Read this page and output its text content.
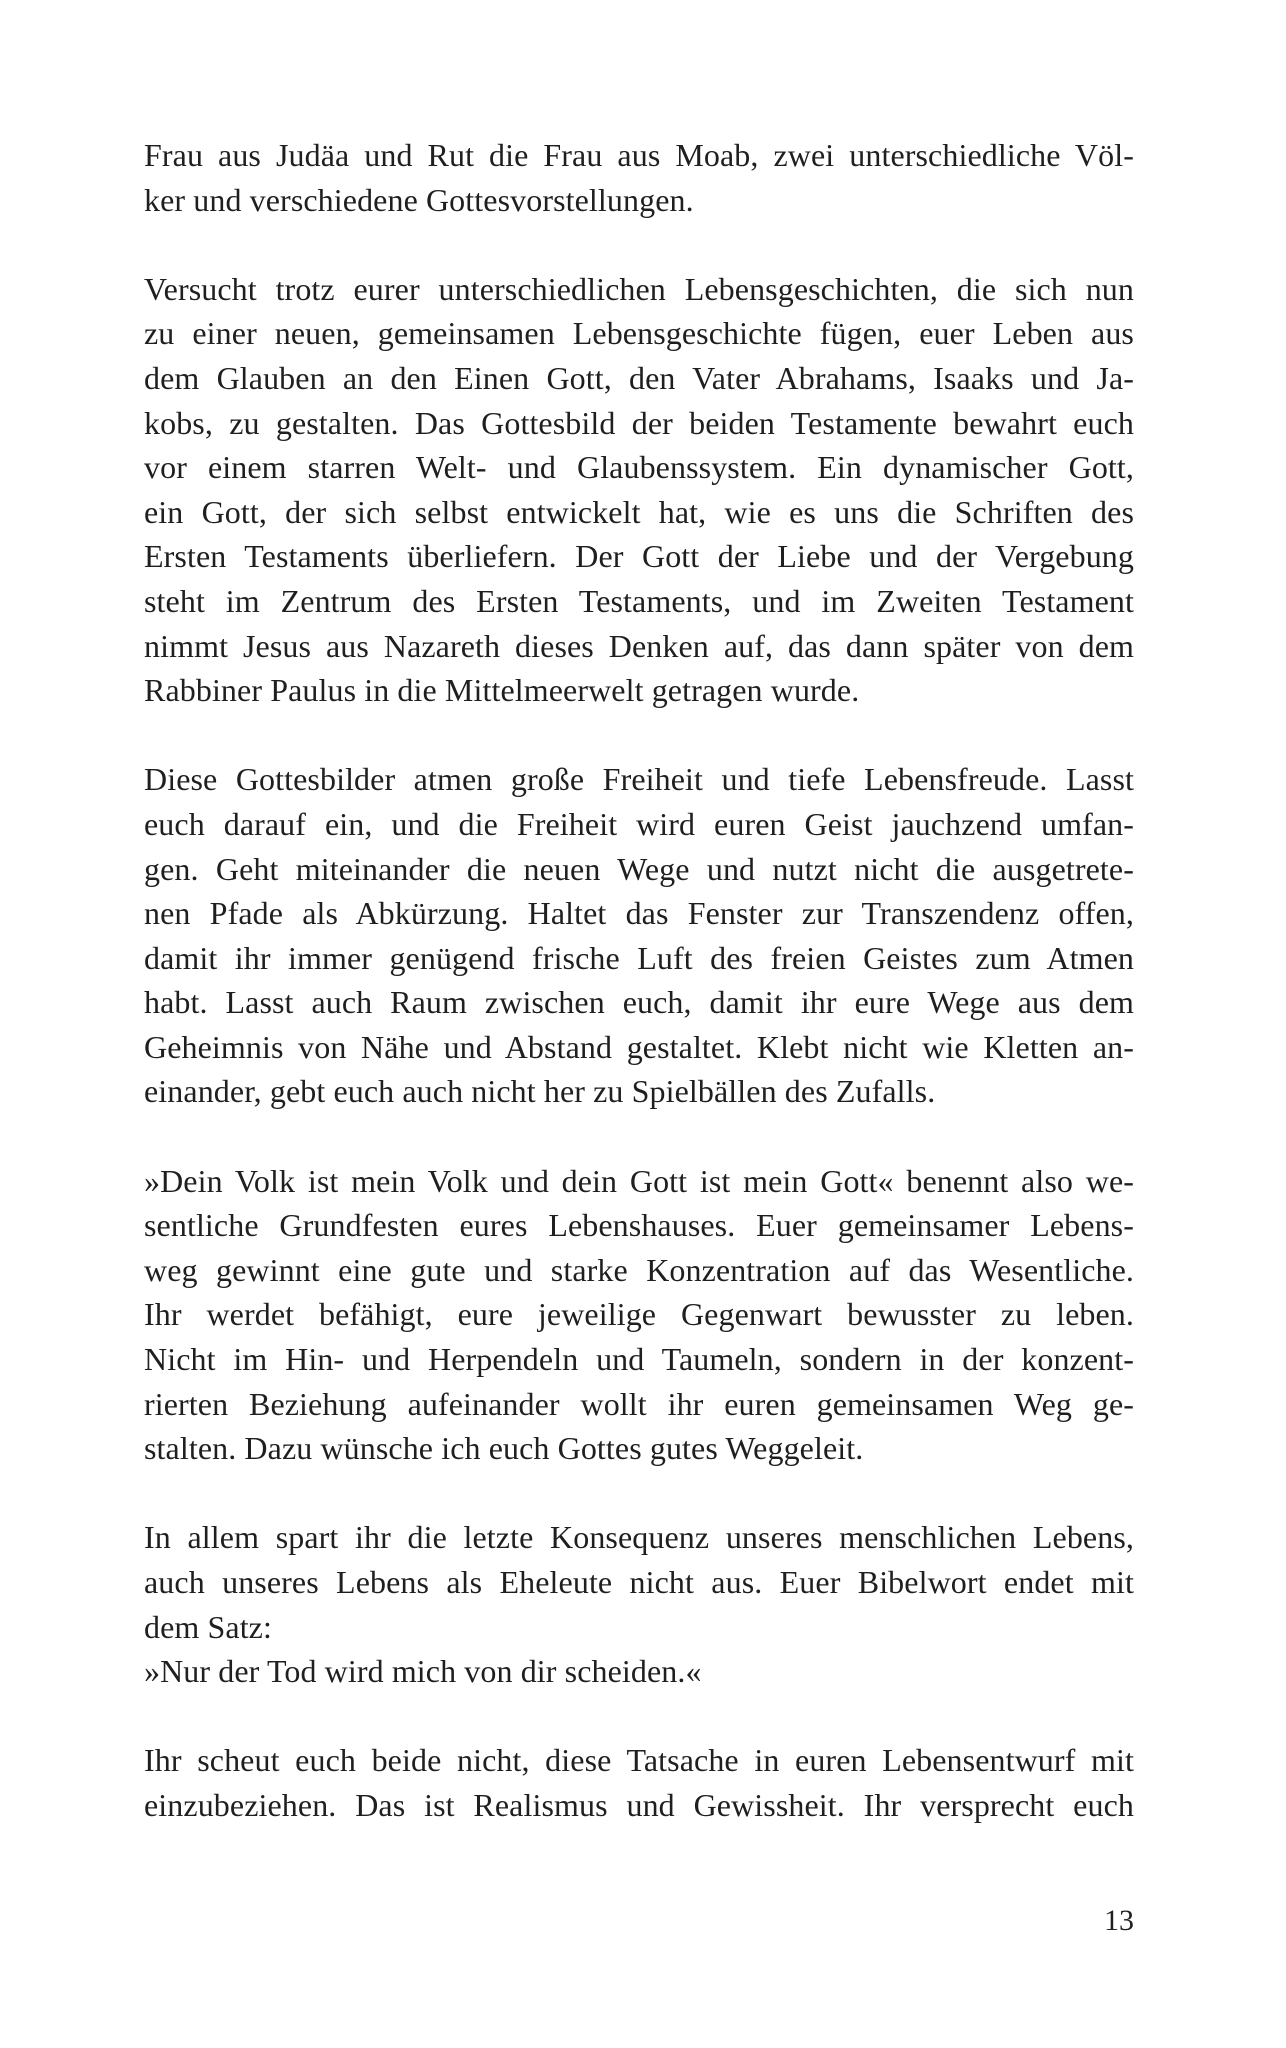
Frau aus Judäa und Rut die Frau aus Moab, zwei unterschiedliche Völ-
ker und verschiedene Gottesvorstellungen.
Versucht trotz eurer unterschiedlichen Lebensgeschichten, die sich nun
zu einer neuen, gemeinsamen Lebensgeschichte fügen, euer Leben aus
dem Glauben an den Einen Gott, den Vater Abrahams, Isaaks und Ja-
kobs, zu gestalten. Das Gottesbild der beiden Testamente bewahrt euch
vor einem starren Welt- und Glaubenssystem. Ein dynamischer Gott,
ein Gott, der sich selbst entwickelt hat, wie es uns die Schriften des
Ersten Testaments überliefern. Der Gott der Liebe und der Vergebung
steht im Zentrum des Ersten Testaments, und im Zweiten Testament
nimmt Jesus aus Nazareth dieses Denken auf, das dann später von dem
Rabbiner Paulus in die Mittelmeerwelt getragen wurde.
Diese Gottesbilder atmen große Freiheit und tiefe Lebensfreude. Lasst
euch darauf ein, und die Freiheit wird euren Geist jauchzend umfan-
gen. Geht miteinander die neuen Wege und nutzt nicht die ausgetrete-
nen Pfade als Abkürzung. Haltet das Fenster zur Transzendenz offen,
damit ihr immer genügend frische Luft des freien Geistes zum Atmen
habt. Lasst auch Raum zwischen euch, damit ihr eure Wege aus dem
Geheimnis von Nähe und Abstand gestaltet. Klebt nicht wie Kletten an-
einander, gebt euch auch nicht her zu Spielbällen des Zufalls.
»Dein Volk ist mein Volk und dein Gott ist mein Gott« benennt also we-
sentliche Grundfesten eures Lebenshauses. Euer gemeinsamer Lebens-
weg gewinnt eine gute und starke Konzentration auf das Wesentliche.
Ihr werdet befähigt, eure jeweilige Gegenwart bewusster zu leben.
Nicht im Hin- und Herpendeln und Taumeln, sondern in der konzent-
rierten Beziehung aufeinander wollt ihr euren gemeinsamen Weg ge-
stalten. Dazu wünsche ich euch Gottes gutes Weggeleit.
In allem spart ihr die letzte Konsequenz unseres menschlichen Lebens,
auch unseres Lebens als Eheleute nicht aus. Euer Bibelwort endet mit
dem Satz:
»Nur der Tod wird mich von dir scheiden.«
Ihr scheut euch beide nicht, diese Tatsache in euren Lebensentwurf mit
einzubeziehen. Das ist Realismus und Gewissheit. Ihr versprecht euch
13
